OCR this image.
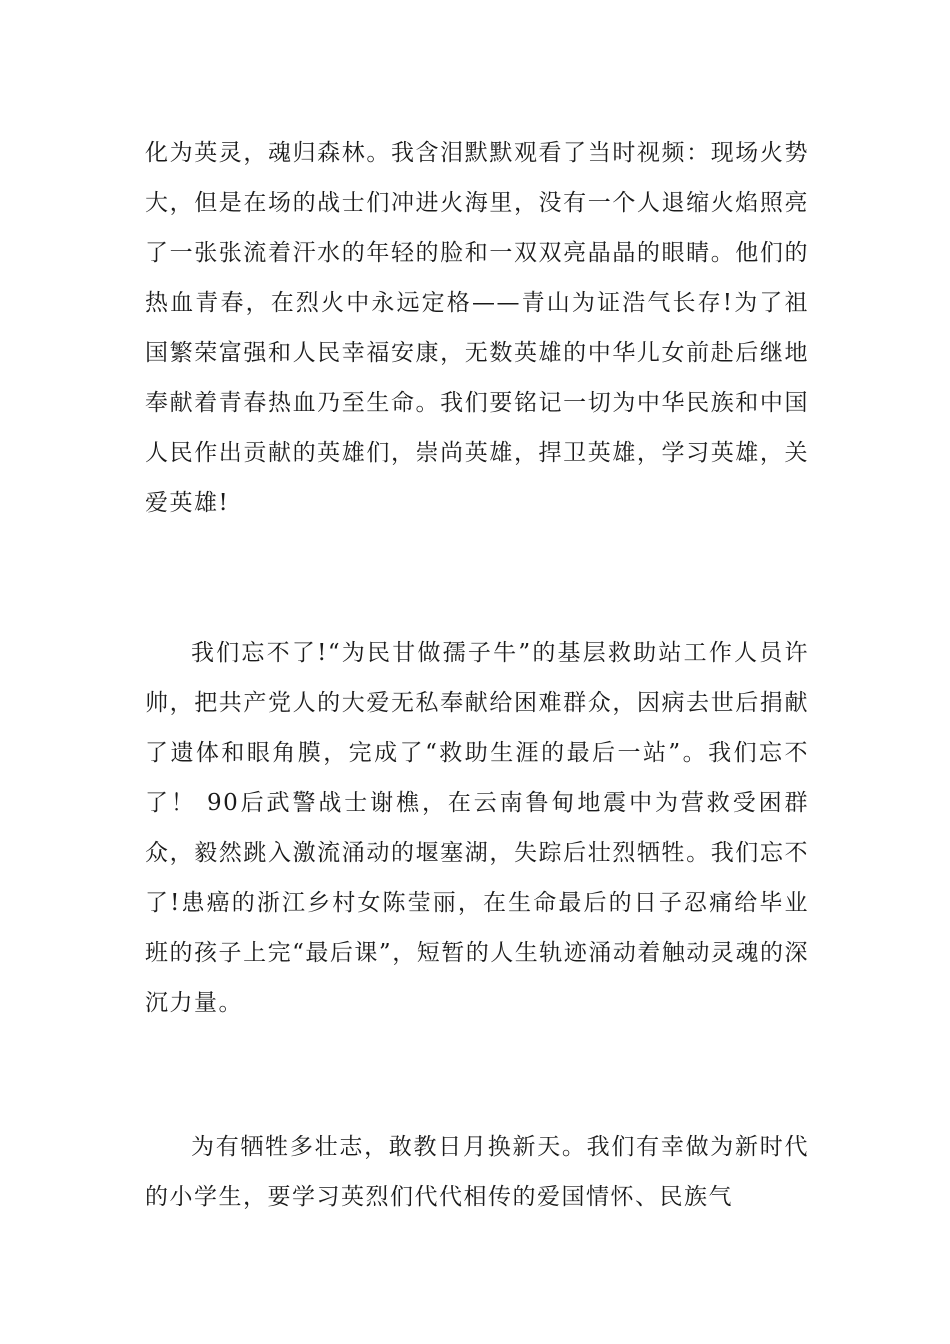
化为英灵，魂归森林。我含泪默默观看了当时视频：现场火势大，但是在场的战士们冲进火海里，没有一个人退缩火焰照亮了一张张流着汗水的年轻的脸和一双双亮晶晶的眼睛。他们的热血青春，在烈火中永远定格——青山为证浩气长存!为了祖国繁荣富强和人民幸福安康，无数英雄的中华儿女前赴后继地奉献着青春热血乃至生命。我们要铭记一切为中华民族和中国人民作出贡献的英雄们，崇尚英雄，捍卫英雄，学习英雄，关爱英雄!

我们忘不了!“为民甘做孺子牛”的基层救助站工作人员许帅，把共产党人的大爱无私奉献给困难群众，因病去世后捐献了遗体和眼角膜，完成了“救助生涯的最后一站”。我们忘不了！ 90后武警战士谢樵，在云南鲁甸地震中为营救受困群众，毅然跳入激流涌动的堰塞湖，失踪后壮烈牺牲。我们忘不了!患癌的浙江乡村女陈莹丽，在生命最后的日子忍痛给毕业班的孩子上完“最后课”，短暂的人生轨迹涌动着触动灵魂的深沉力量。

为有牺牲多壮志，敢教日月换新天。我们有幸做为新时代的小学生，要学习英烈们代代相传的爱国情怀、民族气
